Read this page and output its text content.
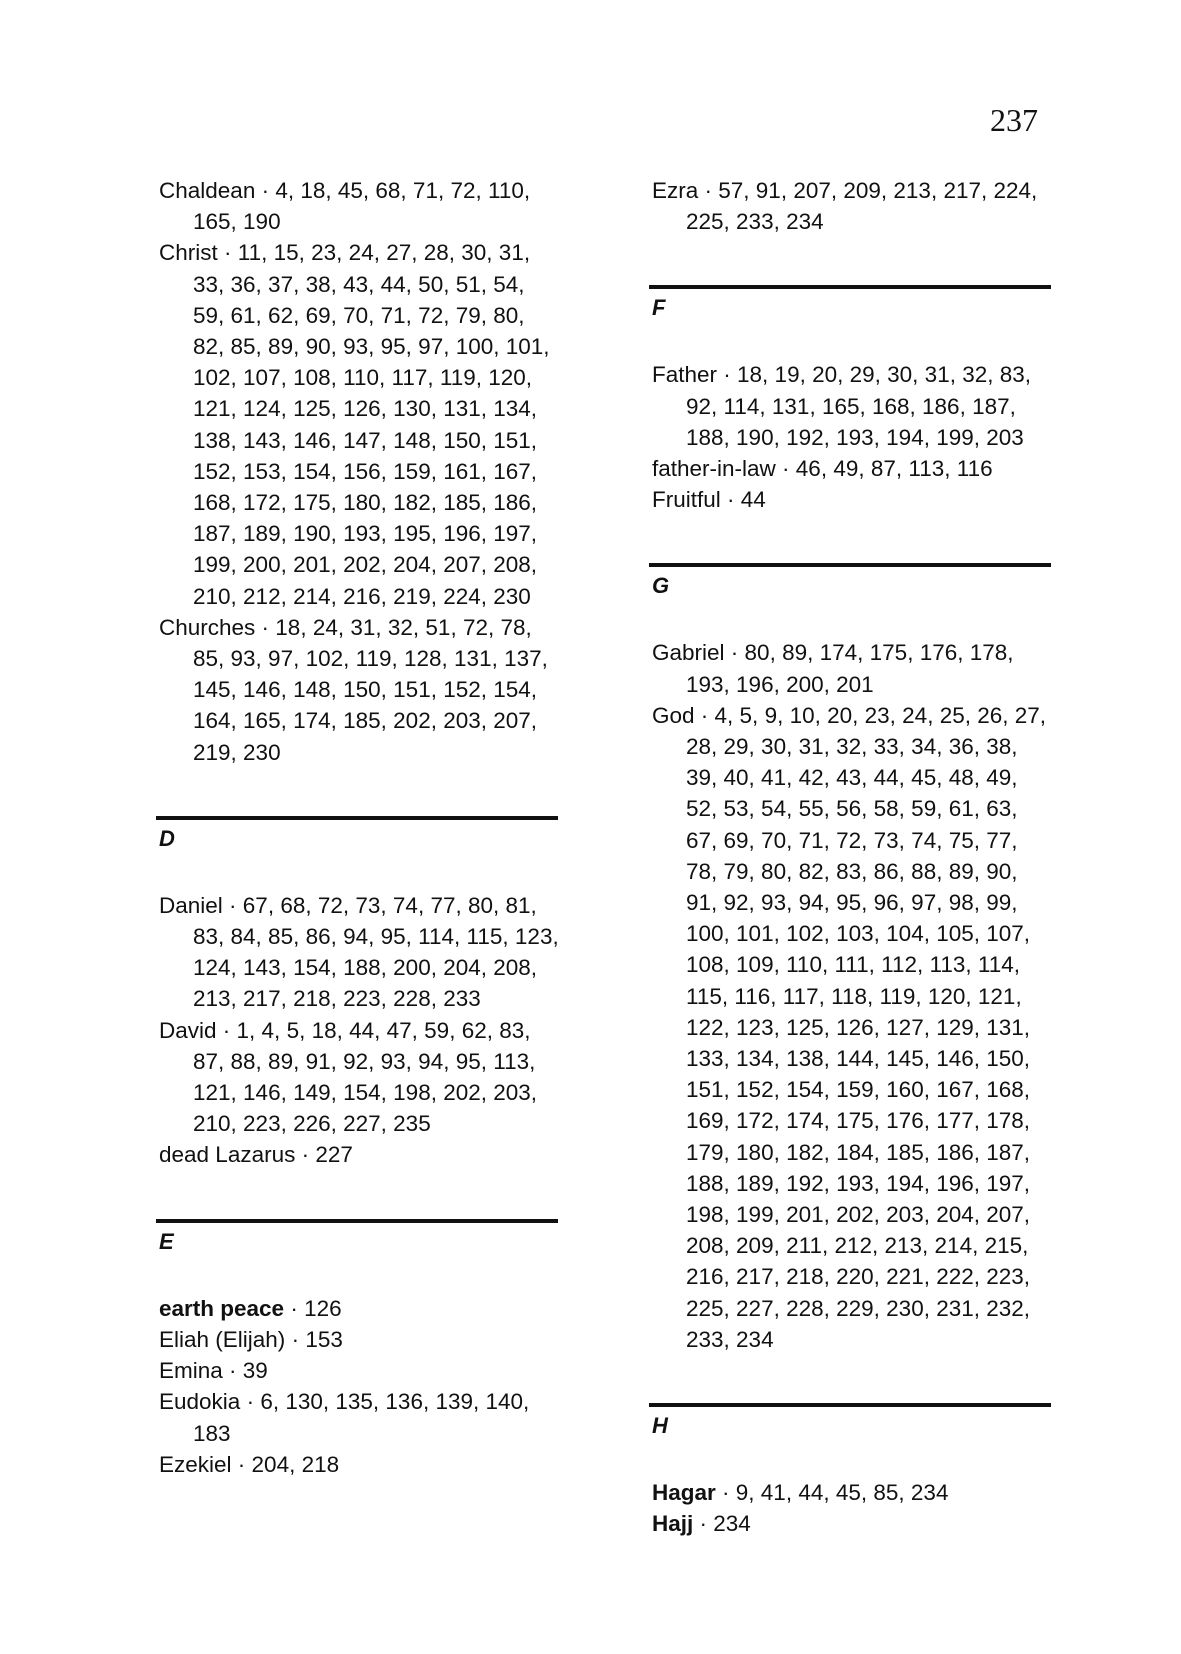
237
Chaldean · 4, 18, 45, 68, 71, 72, 110, 165, 190
Christ · 11, 15, 23, 24, 27, 28, 30, 31, 33, 36, 37, 38, 43, 44, 50, 51, 54, 59, 61, 62, 69, 70, 71, 72, 79, 80, 82, 85, 89, 90, 93, 95, 97, 100, 101, 102, 107, 108, 110, 117, 119, 120, 121, 124, 125, 126, 130, 131, 134, 138, 143, 146, 147, 148, 150, 151, 152, 153, 154, 156, 159, 161, 167, 168, 172, 175, 180, 182, 185, 186, 187, 189, 190, 193, 195, 196, 197, 199, 200, 201, 202, 204, 207, 208, 210, 212, 214, 216, 219, 224, 230
Churches · 18, 24, 31, 32, 51, 72, 78, 85, 93, 97, 102, 119, 128, 131, 137, 145, 146, 148, 150, 151, 152, 154, 164, 165, 174, 185, 202, 203, 207, 219, 230
D
Daniel · 67, 68, 72, 73, 74, 77, 80, 81, 83, 84, 85, 86, 94, 95, 114, 115, 123, 124, 143, 154, 188, 200, 204, 208, 213, 217, 218, 223, 228, 233
David · 1, 4, 5, 18, 44, 47, 59, 62, 83, 87, 88, 89, 91, 92, 93, 94, 95, 113, 121, 146, 149, 154, 198, 202, 203, 210, 223, 226, 227, 235
dead Lazarus · 227
E
earth peace · 126
Eliah (Elijah) · 153
Emina · 39
Eudokia · 6, 130, 135, 136, 139, 140, 183
Ezekiel · 204, 218
Ezra · 57, 91, 207, 209, 213, 217, 224, 225, 233, 234
F
Father · 18, 19, 20, 29, 30, 31, 32, 83, 92, 114, 131, 165, 168, 186, 187, 188, 190, 192, 193, 194, 199, 203
father-in-law · 46, 49, 87, 113, 116
Fruitful · 44
G
Gabriel · 80, 89, 174, 175, 176, 178, 193, 196, 200, 201
God · 4, 5, 9, 10, 20, 23, 24, 25, 26, 27, 28, 29, 30, 31, 32, 33, 34, 36, 38, 39, 40, 41, 42, 43, 44, 45, 48, 49, 52, 53, 54, 55, 56, 58, 59, 61, 63, 67, 69, 70, 71, 72, 73, 74, 75, 77, 78, 79, 80, 82, 83, 86, 88, 89, 90, 91, 92, 93, 94, 95, 96, 97, 98, 99, 100, 101, 102, 103, 104, 105, 107, 108, 109, 110, 111, 112, 113, 114, 115, 116, 117, 118, 119, 120, 121, 122, 123, 125, 126, 127, 129, 131, 133, 134, 138, 144, 145, 146, 150, 151, 152, 154, 159, 160, 167, 168, 169, 172, 174, 175, 176, 177, 178, 179, 180, 182, 184, 185, 186, 187, 188, 189, 192, 193, 194, 196, 197, 198, 199, 201, 202, 203, 204, 207, 208, 209, 211, 212, 213, 214, 215, 216, 217, 218, 220, 221, 222, 223, 225, 227, 228, 229, 230, 231, 232, 233, 234
H
Hagar · 9, 41, 44, 45, 85, 234
Hajj · 234
